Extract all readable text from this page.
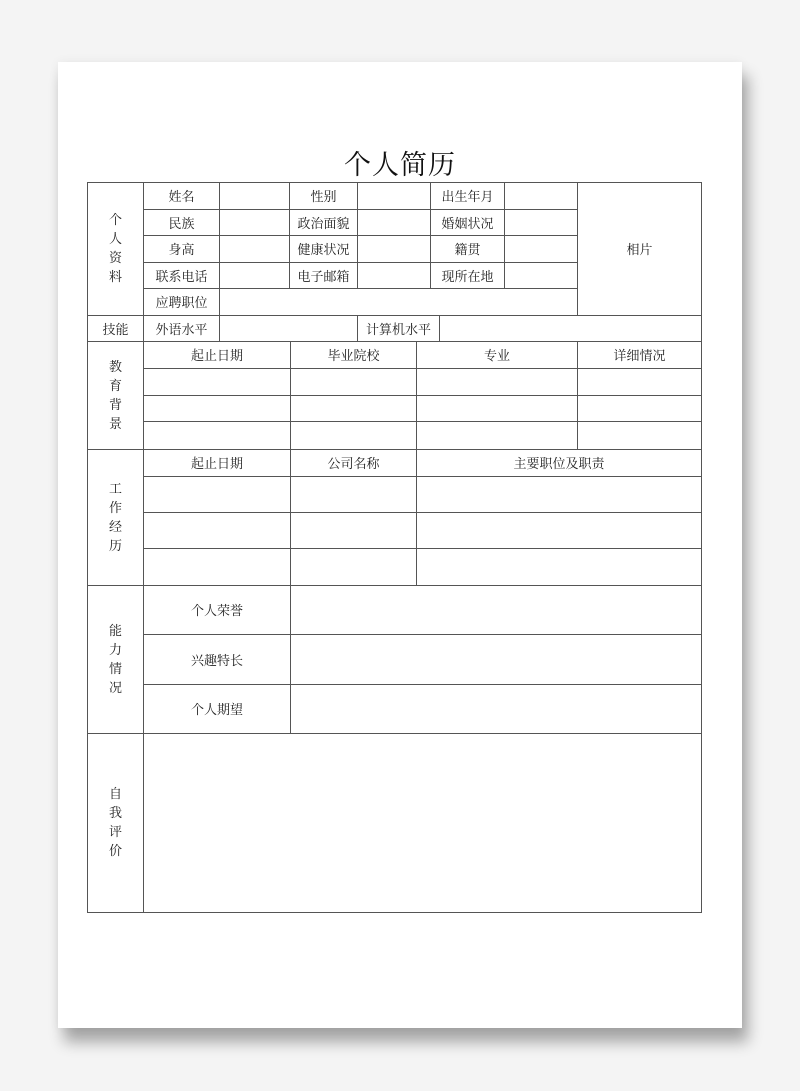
个人简历
个
人
资
料
姓名	性别	出生年月
民族	政治面貌	婚姻状况
身高	健康状况	籍贯
联系电话	电子邮箱	现所在地
应聘职位
相片
技能	外语水平	计算机水平
教
育
背
景
起止日期	毕业院校	专业	详细情况
工
作
经
历
起止日期	公司名称	主要职位及职责
能
力
情
况
个人荣誉
兴趣特长
个人期望
自
我
评
价
